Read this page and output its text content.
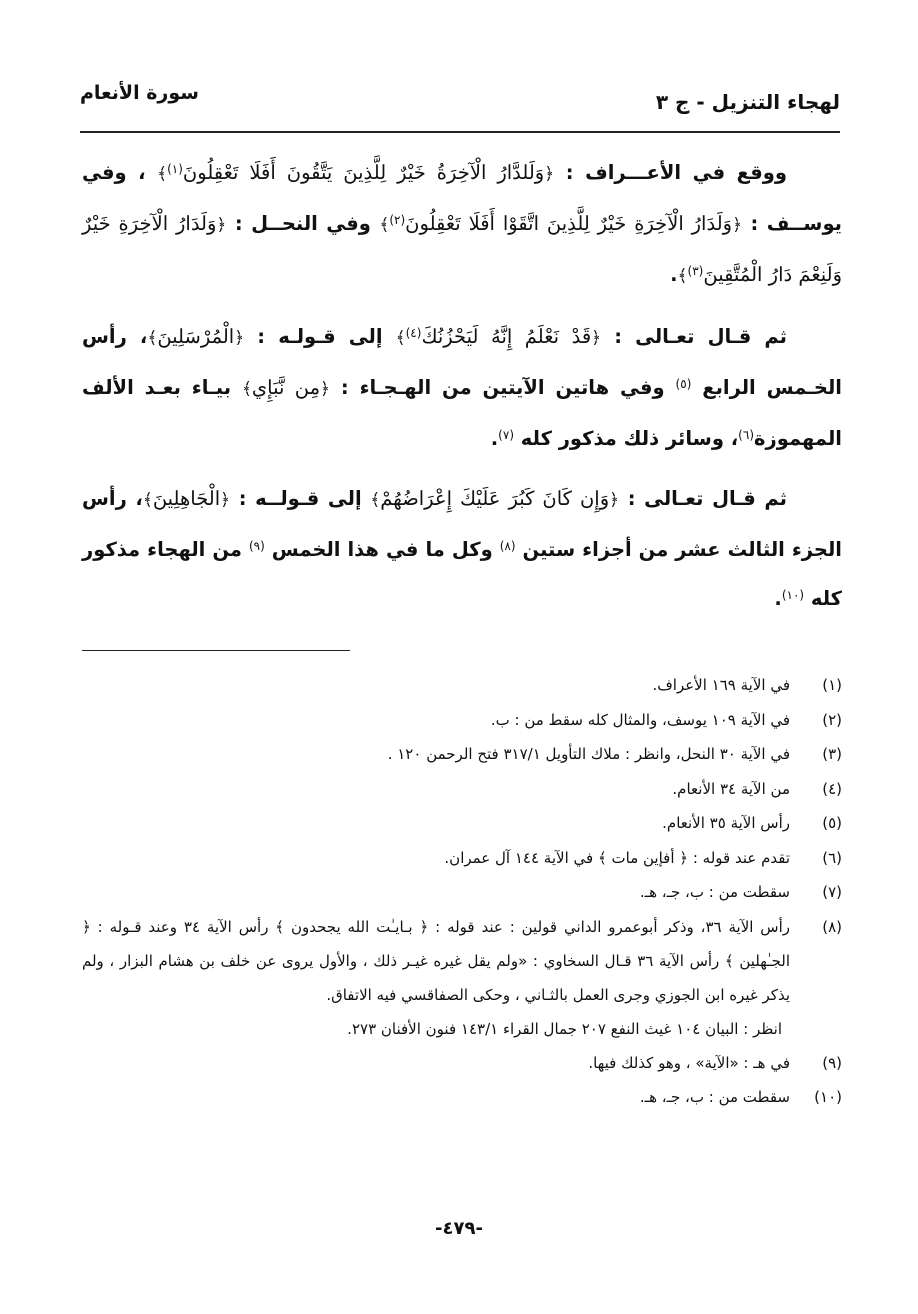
لهجاء التنزيل - ج ٣
سورة الأنعام

ووقع في الأعـــراف : ﴿وَلَلدَّارُ الْآخِرَةُ خَيْرٌ لِلَّذِينَ يَتَّقُونَ أَفَلَا تَعْقِلُونَ$^{(١)}$﴾ ، وفي يوســف : ﴿وَلَدَارُ الْآخِرَةِ خَيْرٌ لِلَّذِينَ اتَّقَوْا أَفَلَا تَعْقِلُونَ$^{(٢)}$﴾ وفي النحــل : ﴿وَلَدَارُ الْآخِرَةِ خَيْرٌ وَلَنِعْمَ دَارُ الْمُتَّقِينَ$^{(٣)}$﴾.

ثم قـال تعـالى : ﴿قَدْ نَعْلَمُ إِنَّهُ لَيَحْزُنُكَ$^{(٤)}$﴾ إلى قـولـه : ﴿الْمُرْسَلِينَ﴾، رأس الخـمس الرابع $^{(٥)}$ وفي هاتين الآيتين من الهـجـاء : ﴿مِن نَّبَإِي﴾ بيـاء بعـد الألف المهموزة$^{(٦)}$، وسائر ذلك مذكور كله $^{(٧)}$.

ثم قـال تعـالى : ﴿وَإِن كَانَ كَبُرَ عَلَيْكَ إِعْرَاضُهُمْ﴾ إلى قـولــه : ﴿الْجَاهِلِينَ﴾، رأس الجزء الثالث عشر من أجزاء ستين $^{(٨)}$ وكل ما في هذا الخمس $^{(٩)}$ من الهجاء مذكور كله $^{(١٠)}$.

(١)
في الآية ١٦٩ الأعراف.
(٢)
في الآية ١٠٩ يوسف، والمثال كله سقط من : ب.
(٣)
في الآية ٣٠ النحل، وانظر : ملاك التأويل ٣١٧/١ فتح الرحمن ١٢٠ .
(٤)
من الآية ٣٤ الأنعام.
(٥)
رأس الآية ٣٥ الأنعام.
(٦)
تقدم عند قوله : ﴿ أفإين مات ﴾ في الآية ١٤٤ آل عمران.
(٧)
سقطت من : ب، جـ، هـ.
(٨)
رأس الآية ٣٦، وذكر أبوعمرو الداني قولين : عند قوله : ﴿ بـايـٰت الله يجحدون ﴾ رأس الآية ٣٤ وعند قـوله : ﴿ الجـٰهلين ﴾ رأس الآية ٣٦ قـال السخاوي : «ولم يقل غيره غيـر ذلك ، والأول يروى عن خلف بن هشام البزار ، ولم يذكر غيره ابن الجوزي وجرى العمل بالثـاني ، وحكى الصفاقسي فيه الاتفاق.
انظر : البيان ١٠٤ غيث النفع ٢٠٧ جمال القراء ١٤٣/١ فنون الأفنان ٢٧٣.
(٩)
في هـ : «الآية» ، وهو كذلك فيها.
(١٠)
سقطت من : ب، جـ، هـ.
-٤٧٩-
